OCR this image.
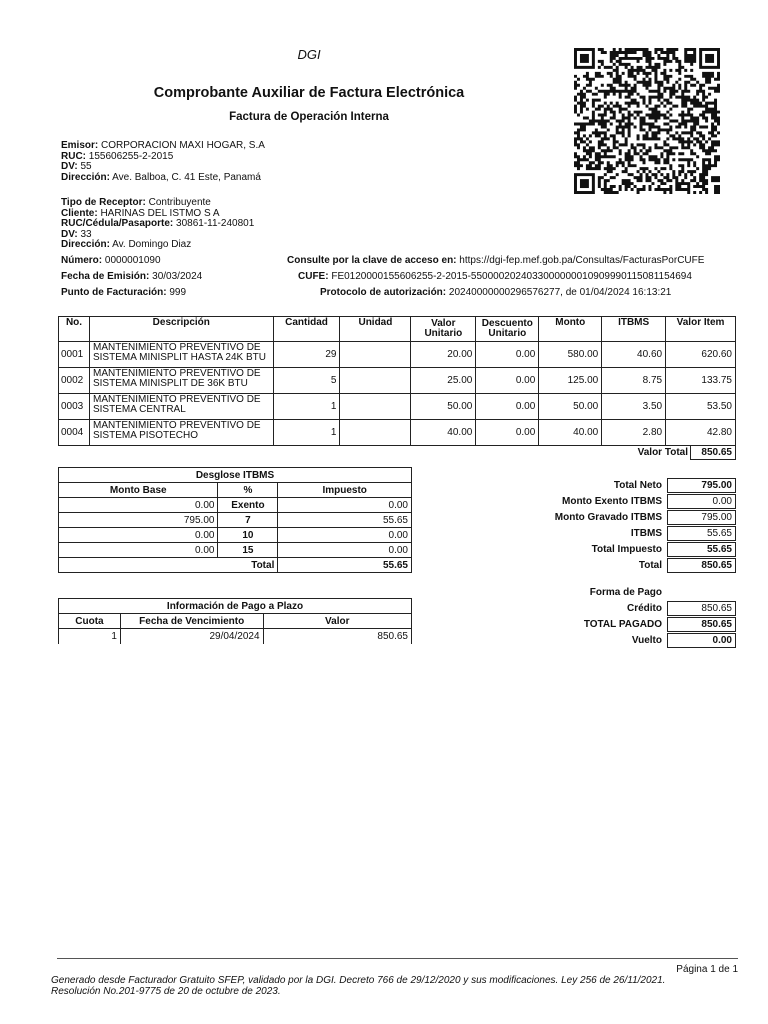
DGI
Comprobante Auxiliar de Factura Electrónica
Factura de Operación Interna
Emisor: CORPORACION MAXI HOGAR, S.A
RUC: 155606255-2-2015
DV: 55
Dirección: Ave. Balboa, C. 41 Este, Panamá
Tipo de Receptor: Contribuyente
Cliente: HARINAS DEL ISTMO S A
RUC/Cédula/Pasaporte: 30861-11-240801
DV: 33
Dirección: Av. Domingo Diaz
Número: 0000001090
Fecha de Emisión: 30/03/2024
Punto de Facturación: 999
Consulte por la clave de acceso en: https://dgi-fep.mef.gob.pa/Consultas/FacturasPorCUFE
CUFE: FE0120000155606255-2-2015-5500002024033000000010909990115081154694
Protocolo de autorización: 20240000000296576277, de 01/04/2024 16:13:21
No.	Descripción	Cantidad	Unidad	Valor Unitario	Descuento Unitario	Monto	ITBMS	Valor Item
0001	MANTENIMIENTO PREVENTIVO DE SISTEMA MINISPLIT HASTA 24K BTU	29		20.00	0.00	580.00	40.60	620.60
0002	MANTENIMIENTO PREVENTIVO DE SISTEMA MINISPLIT DE 36K BTU	5		25.00	0.00	125.00	8.75	133.75
0003	MANTENIMIENTO PREVENTIVO DE SISTEMA CENTRAL	1		50.00	0.00	50.00	3.50	53.50
0004	MANTENIMIENTO PREVENTIVO DE SISTEMA PISOTECHO	1		40.00	0.00	40.00	2.80	42.80
Valor Total	850.65
Desglose ITBMS		
Monto Base	%	Impuesto
0.00	Exento	0.00
795.00	7	55.65
0.00	10	0.00
0.00	15	0.00
Total		55.65
Información de Pago a Plazo		
Cuota	Fecha de Vencimiento	Valor
1	29/04/2024	850.65
Total Neto	795.00
Monto Exento ITBMS	0.00
Monto Gravado ITBMS	795.00
ITBMS	55.65
Total Impuesto	55.65
Total	850.65
Forma de Pago
Crédito	850.65
TOTAL PAGADO	850.65
Vuelto	0.00
Página 1 de 1
Generado desde Facturador Gratuito SFEP, validado por la DGI. Decreto 766 de 29/12/2020 y sus modificaciones. Ley 256 de 26/11/2021.
Resolución No.201-9775 de 20 de octubre de 2023.
